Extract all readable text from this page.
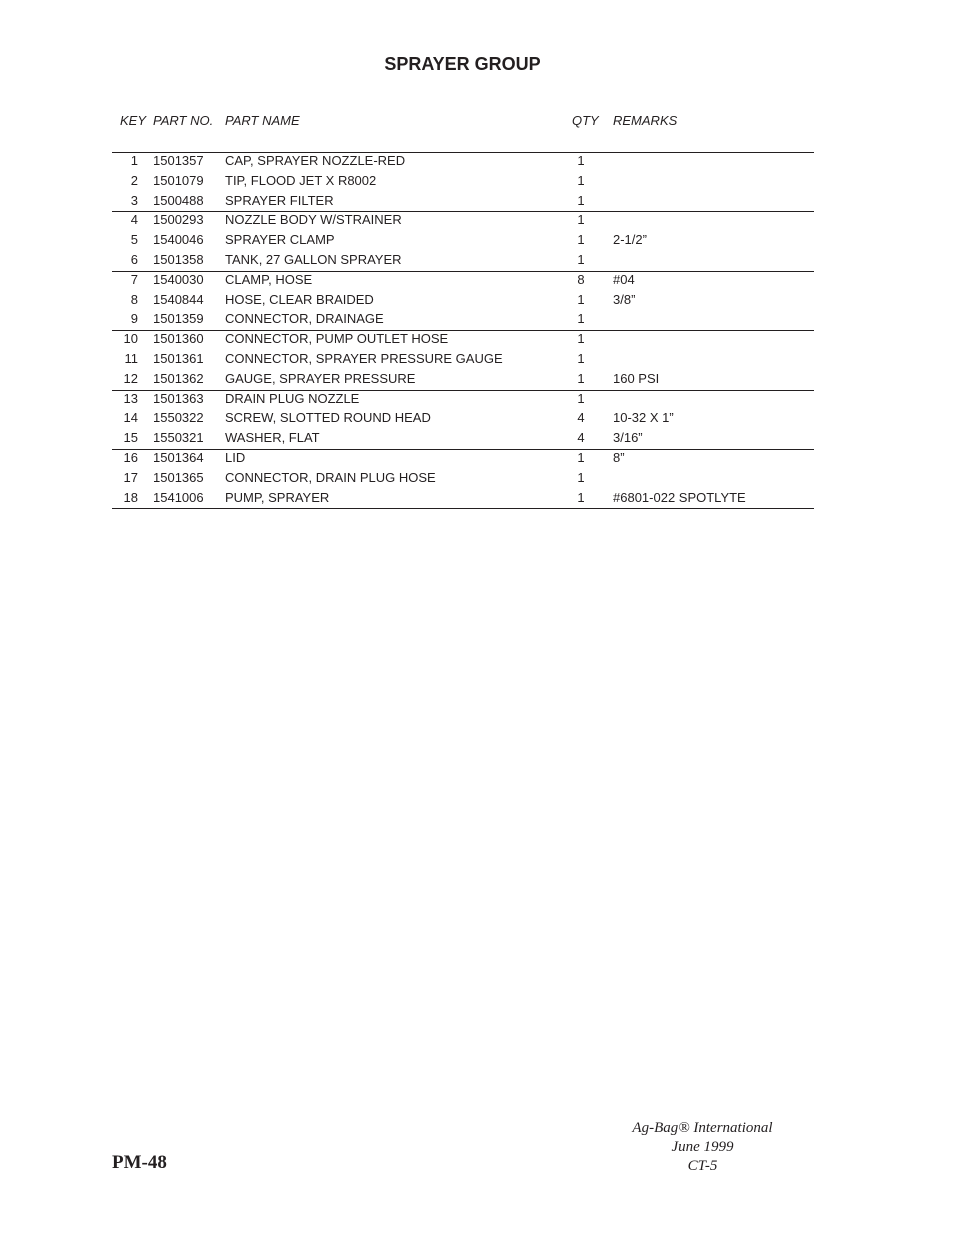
SPRAYER GROUP
KEY PART NO. PART NAME	QTY REMARKS
1 1501357 CAP, SPRAYER NOZZLE-RED	1
2 1501079 TIP, FLOOD JET X R8002	1
3 1500488 SPRAYER FILTER	1
4 1500293 NOZZLE BODY W/STRAINER	1
5 1540046 SPRAYER CLAMP	1 2-1/2”
6 1501358 TANK, 27 GALLON SPRAYER	1
7 1540030 CLAMP, HOSE	8 #04
8 1540844 HOSE, CLEAR BRAIDED	1 3/8”
9 1501359 CONNECTOR, DRAINAGE	1
10 1501360 CONNECTOR, PUMP OUTLET HOSE	1
11 1501361 CONNECTOR, SPRAYER PRESSURE GAUGE	1
12 1501362 GAUGE, SPRAYER PRESSURE	1 160 PSI
13 1501363 DRAIN PLUG NOZZLE	1
14 1550322 SCREW, SLOTTED ROUND HEAD	4 10-32 X 1”
15 1550321 WASHER, FLAT	4 3/16”
16 1501364 LID	1 8”
17 1501365 CONNECTOR, DRAIN PLUG HOSE	1
18 1541006 PUMP, SPRAYER	1 #6801-022 SPOTLYTE
PM-48
Ag-Bag® International
June 1999
CT-5
